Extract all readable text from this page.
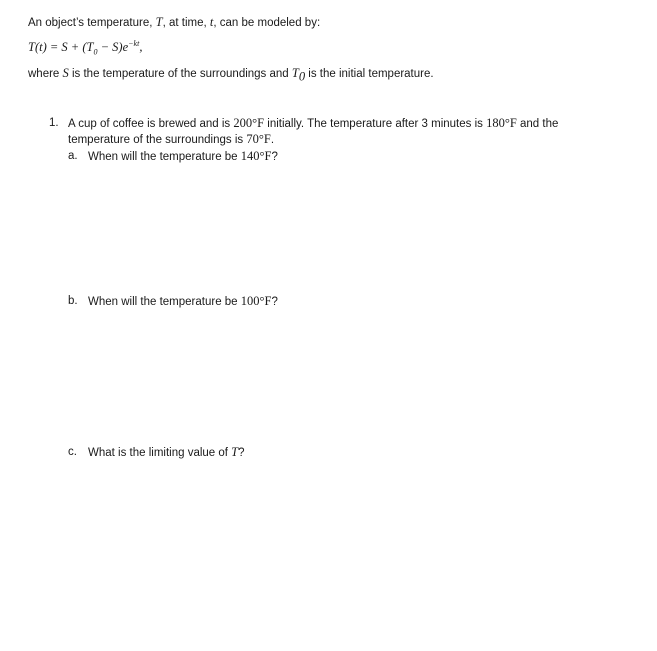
An object’s temperature, T, at time, t, can be modeled by:
$T(t) = S + (T_0 - S)e^{-kt}$,
where S is the temperature of the surroundings and $T_0$ is the initial temperature.
1. A cup of coffee is brewed and is 200°F initially. The temperature after 3 minutes is 180°F and the
temperature of the surroundings is 70°F.
a. When will the temperature be 140°F?
b. When will the temperature be 100°F?
c. What is the limiting value of T?
